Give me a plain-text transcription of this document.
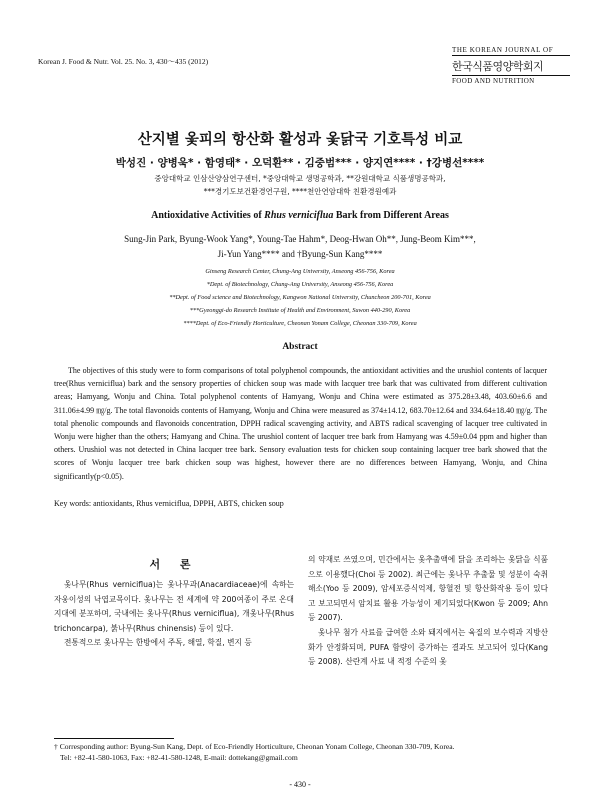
Korean J. Food & Nutr. Vol. 25. No. 3, 430～435 (2012)
THE KOREAN JOURNAL OF
한국식품영양학회지
FOOD AND NUTRITION
산지별 옻피의 항산화 활성과 옻닭국 기호특성 비교
박성진 · 양병욱* · 함영태* · 오덕환** · 김중범*** · 양지연**** · †강병선****
중앙대학교 인삼산양삼연구센터, *중앙대학교 생명공학과, **강원대학교 식품생명공학과,
***경기도보건환경연구원, ****천안연암대학 친환경원예과
Antioxidative Activities of Rhus verniciflua Bark from Different Areas
Sung-Jin Park, Byung-Wook Yang*, Young-Tae Hahm*, Deog-Hwan Oh**, Jung-Beom Kim***,
Ji-Yun Yang**** and †Byung-Sun Kang****
Ginseng Research Center, Chung-Ang University, Anseong 456-756, Korea
*Dept. of Biotechnology, Chung-Ang University, Anseong 456-756, Korea
**Dept. of Food science and Biotechnology, Kangwon National University, Chuncheon 200-701, Korea
***Gyeonggi-do Research Institute of Health and Environment, Suwon 440-290, Korea
****Dept. of Eco-Friendly Horticulture, Cheonan Yonam College, Cheonan 330-709, Korea
Abstract
The objectives of this study were to form comparisons of total polyphenol compounds, the antioxidant activities and the urushiol contents of lacquer tree(Rhus verniciflua) bark and the sensory properties of chicken soup was made with lacquer tree bark that was cultivated from different cultivation areas; Hamyang, Wonju and China. Total polyphenol contents of Hamyang, Wonju and China were estimated as 375.28±3.48, 403.60±6.6 and 311.06±4.99 ㎎/g. The total flavonoids contents of Hamyang, Wonju and China were measured as 374±14.12, 683.70±12.64 and 334.64±18.40 ㎎/g. The total phenolic compounds and flavonoids concentration, DPPH radical scavenging activity, and ABTS radical scavenging of lacquer tree cultivated in Wonju were higher than the others; Hamyang and China. The urushiol content of lacquer tree bark from Hamyang was 4.59±0.04 ppm and higher than others. Urushiol was not detected in China lacquer tree bark. Sensory evaluation tests for chicken soup containing lacquer tree bark showed that the scores of Wonju lacquer tree bark chicken soup was highest, however there are no differences between Hamyang, Wonju, and China significantly(p<0.05).
Key words: antioxidants, Rhus verniciflua, DPPH, ABTS, chicken soup
서 론

옻나무(Rhus verniciflua)는 옻나무과(Anacardiaceae)에 속하는 자웅이성의 낙엽교목이다. 옻나무는 전 세계에 약 200여종이 주로 온대지대에 분포하며, 국내에는 옻나무(Rhus verniciflua), 개옻나무(Rhus trichoncarpa), 붉나무(Rhus chinensis) 등이 있다.

전통적으로 옻나무는 한방에서 주독, 해열, 학질, 변지 등

의 약재로 쓰였으며, 민간에서는 옻추출액에 닭을 조리하는 옻닭을 식품으로 이용했다(Choi 등 2002). 최근에는 옻나무 추출물 및 성분이 숙취해소(Yoo 등 2009), 암세포증식억제, 항혈전 및 항산화작용 등이 있다고 보고되면서 암치료 활용 가능성이 제기되었다(Kwon 등 2009; Ahn 등 2007).

옻나무 첨가 사료를 급여한 소와 돼지에서는 육질의 보수력과 지방산화가 안정화되며, PUFA 함량이 증가하는 결과도 보고되어 있다(Kang 등 2008). 산란계 사료 내 적정 수준의 옻

† Corresponding author: Byung-Sun Kang, Dept. of Eco-Friendly Horticulture, Cheonan Yonam College, Cheonan 330-709, Korea.
Tel: +82-41-580-1063, Fax: +82-41-580-1248, E-mail: dottekang@gmail.com
- 430 -
